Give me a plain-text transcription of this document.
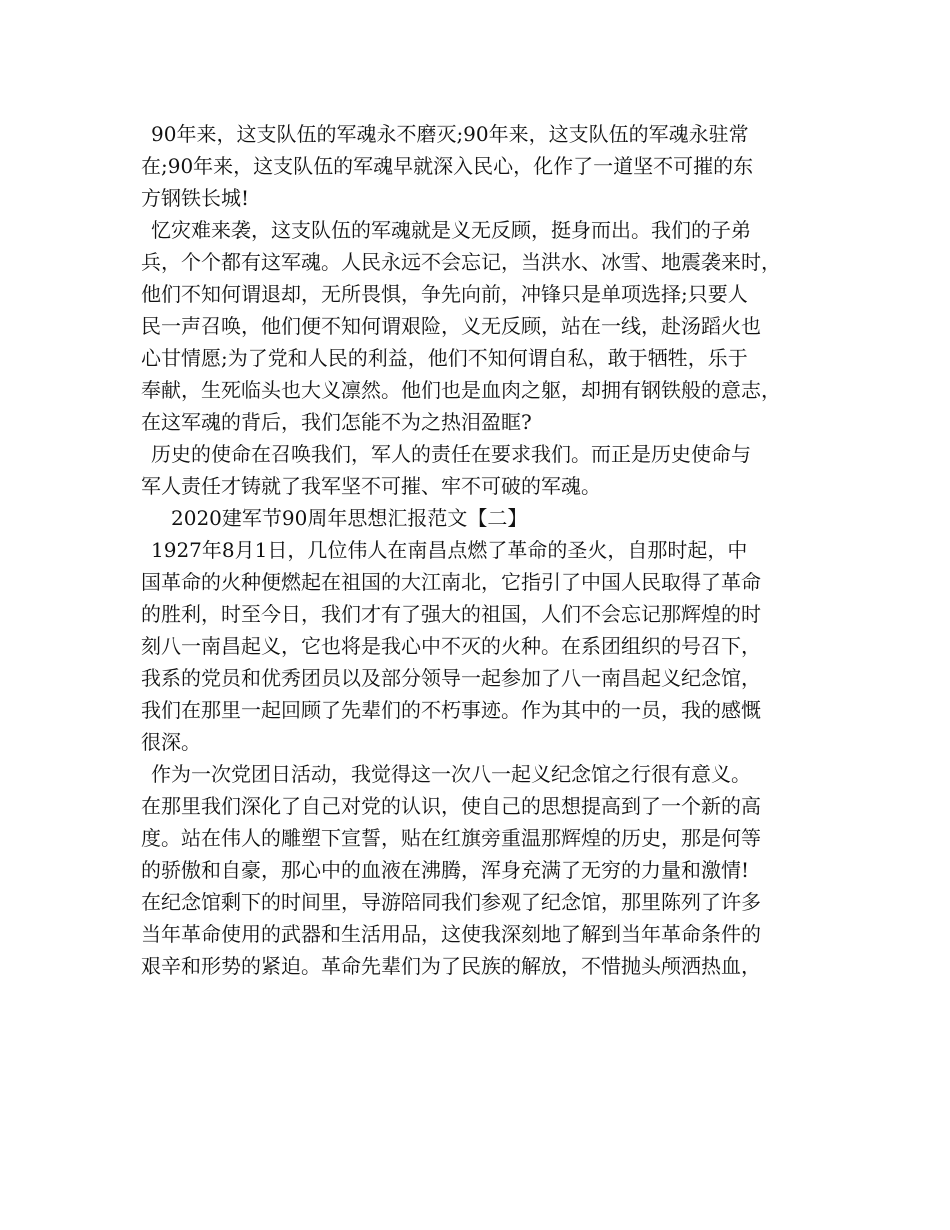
90年来，这支队伍的军魂永不磨灭;90年来，这支队伍的军魂永驻常
在;90年来，这支队伍的军魂早就深入民心，化作了一道坚不可摧的东
方钢铁长城!
忆灾难来袭，这支队伍的军魂就是义无反顾，挺身而出。我们的子弟
兵，个个都有这军魂。人民永远不会忘记，当洪水、冰雪、地震袭来时，
他们不知何谓退却，无所畏惧，争先向前，冲锋只是单项选择;只要人
民一声召唤，他们便不知何谓艰险，义无反顾，站在一线，赴汤蹈火也
心甘情愿;为了党和人民的利益，他们不知何谓自私，敢于牺牲，乐于
奉献，生死临头也大义凛然。他们也是血肉之躯，却拥有钢铁般的意志，
在这军魂的背后，我们怎能不为之热泪盈眶?
历史的使命在召唤我们，军人的责任在要求我们。而正是历史使命与
军人责任才铸就了我军坚不可摧、牢不可破的军魂。
2020建军节90周年思想汇报范文【二】
1927年8月1日，几位伟人在南昌点燃了革命的圣火，自那时起，中
国革命的火种便燃起在祖国的大江南北，它指引了中国人民取得了革命
的胜利，时至今日，我们才有了强大的祖国，人们不会忘记那辉煌的时
刻八一南昌起义，它也将是我心中不灭的火种。在系团组织的号召下，
我系的党员和优秀团员以及部分领导一起参加了八一南昌起义纪念馆，
我们在那里一起回顾了先辈们的不朽事迹。作为其中的一员，我的感慨
很深。
作为一次党团日活动，我觉得这一次八一起义纪念馆之行很有意义。
在那里我们深化了自己对党的认识，使自己的思想提高到了一个新的高
度。站在伟人的雕塑下宣誓，贴在红旗旁重温那辉煌的历史，那是何等
的骄傲和自豪，那心中的血液在沸腾，浑身充满了无穷的力量和激情!
在纪念馆剩下的时间里，导游陪同我们参观了纪念馆，那里陈列了许多
当年革命使用的武器和生活用品，这使我深刻地了解到当年革命条件的
艰辛和形势的紧迫。革命先辈们为了民族的解放，不惜抛头颅洒热血，
